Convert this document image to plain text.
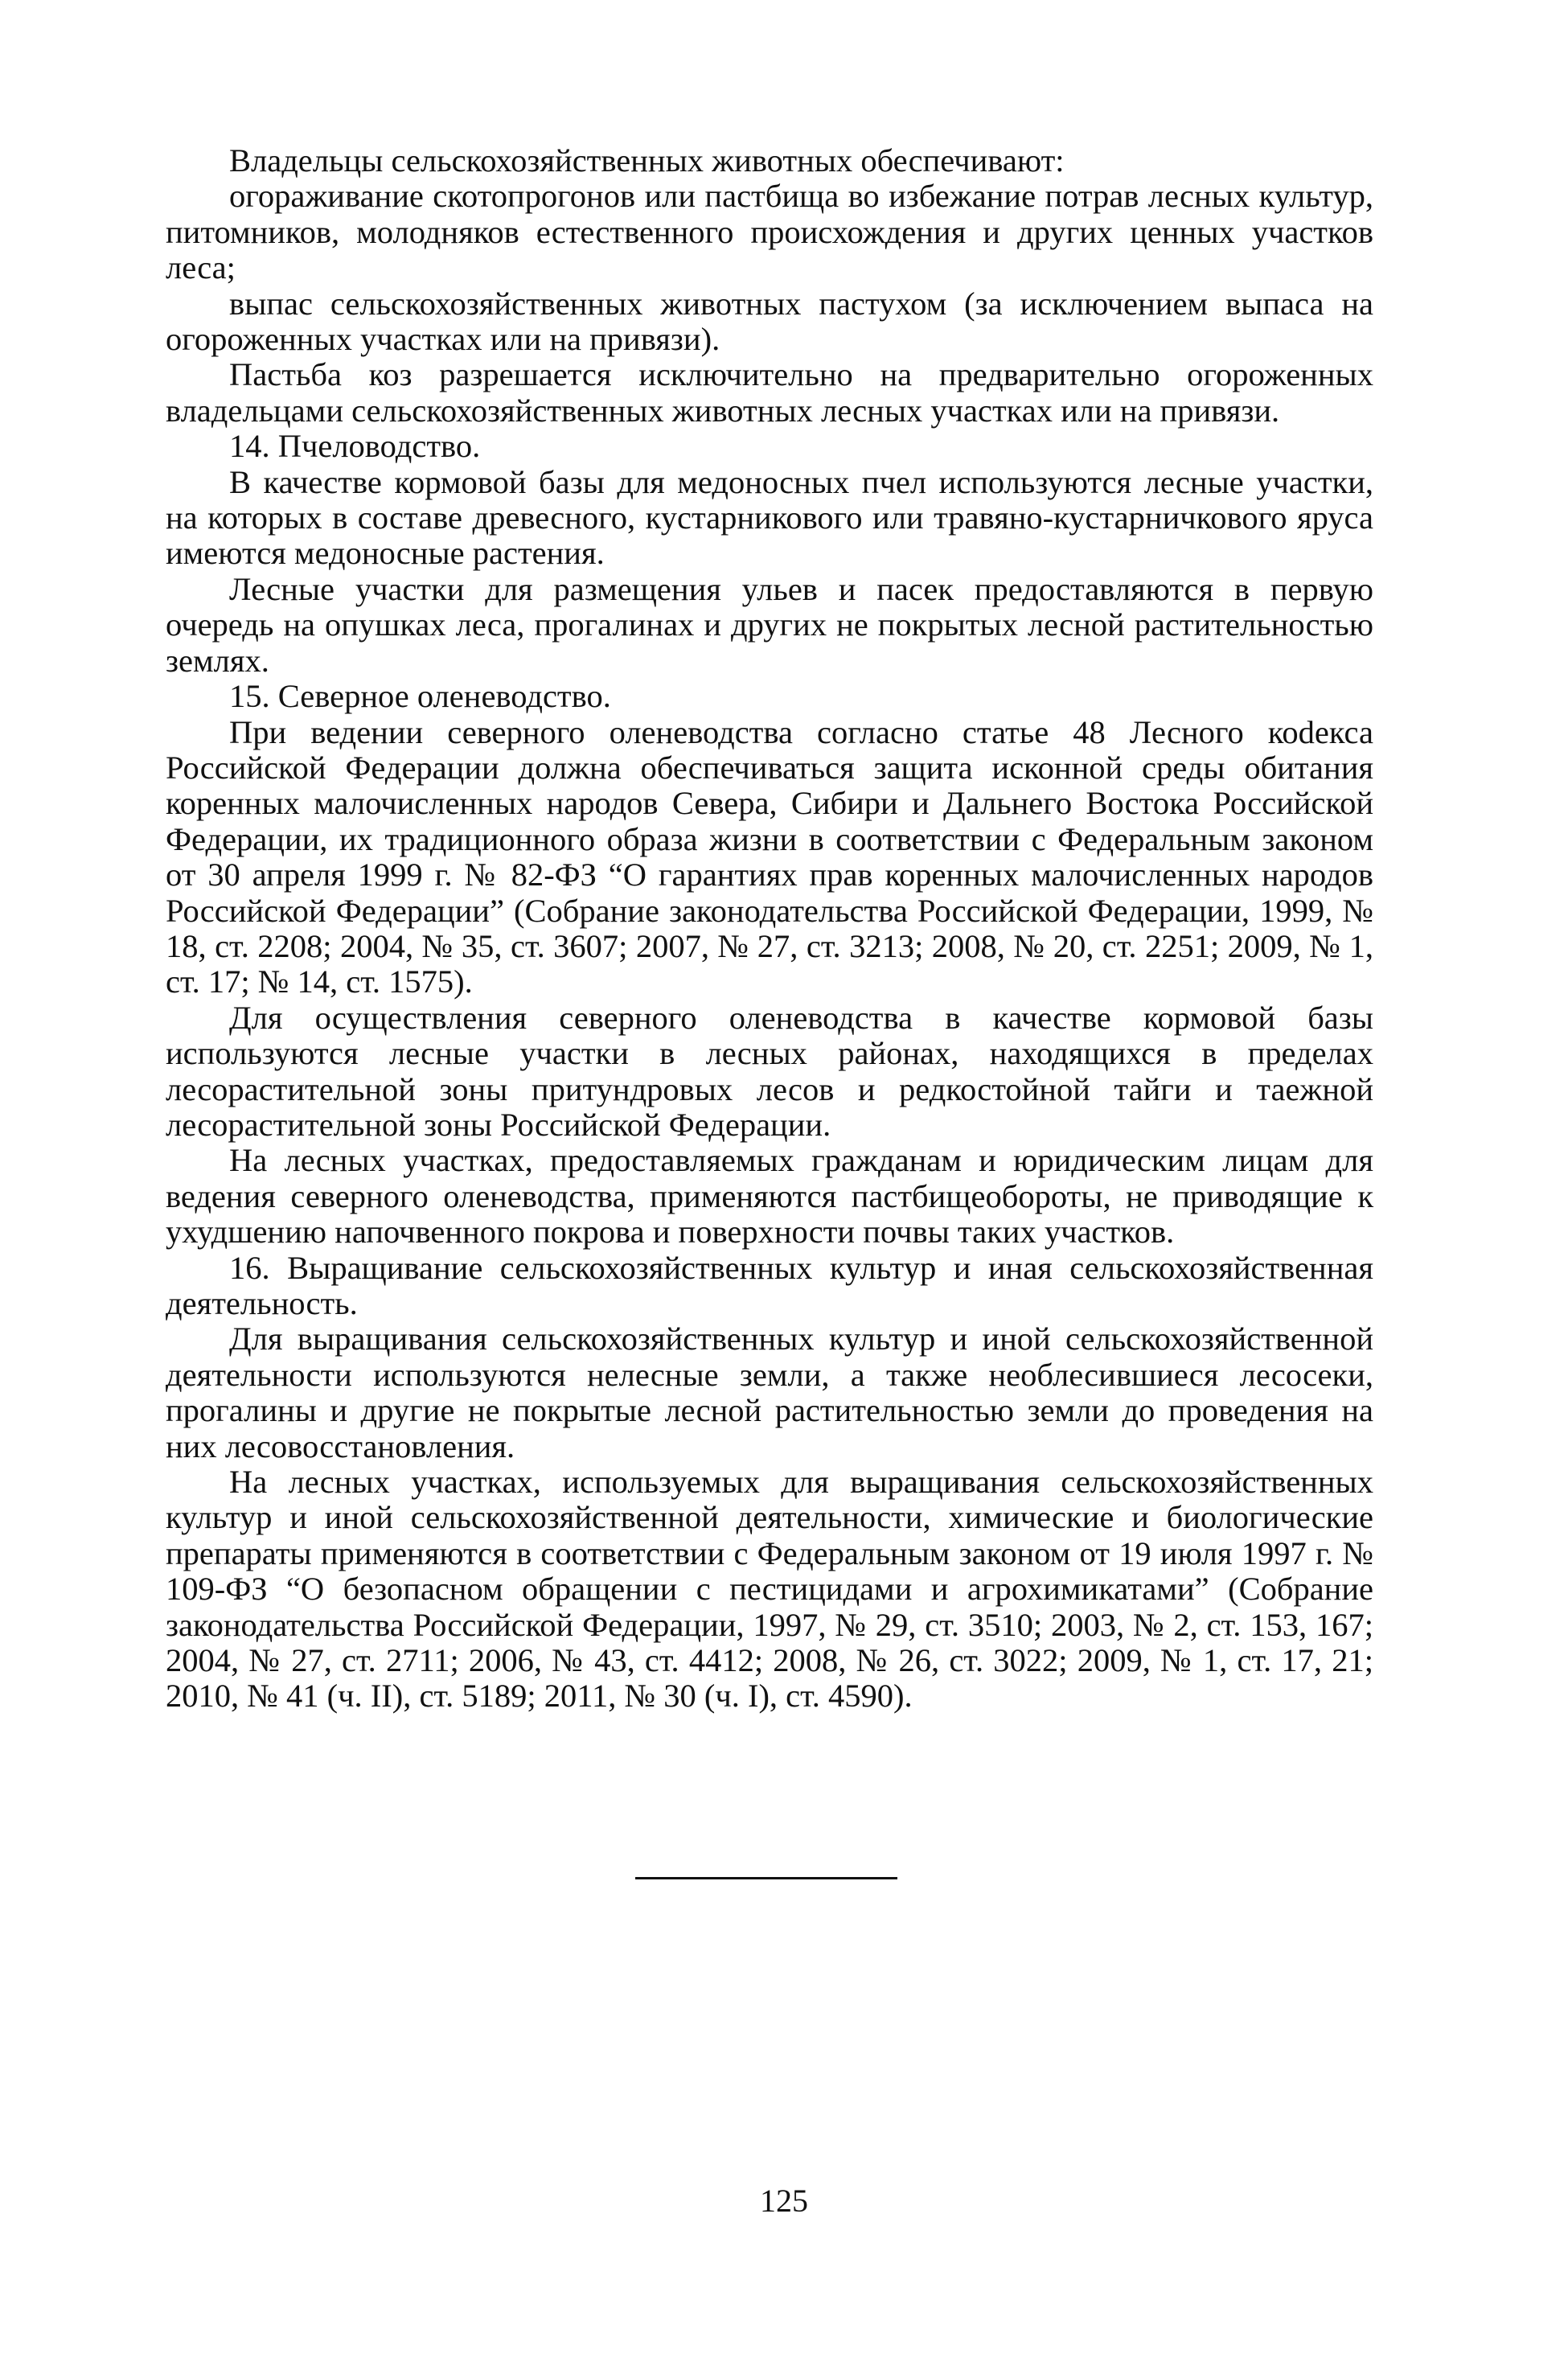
Владельцы сельскохозяйственных животных обеспечивают:

огораживание скотопрогонов или пастбища во избежание потрав лесных культур, питомников, молодняков естественного происхождения и других ценных участков леса;

выпас сельскохозяйственных животных пастухом (за исключением выпаса на огороженных участках или на привязи).

Пастьба коз разрешается исключительно на предварительно огороженных владельцами сельскохозяйственных животных лесных участках или на привязи.

14. Пчеловодство.

В качестве кормовой базы для медоносных пчел используются лесные участки, на которых в составе древесного, кустарникового или травяно-кустарничкового яруса имеются медоносные растения.

Лесные участки для размещения ульев и пасек предоставляются в первую очередь на опушках леса, прогалинах и других не покрытых лесной растительностью землях.

15. Северное оленеводство.

При ведении северного оленеводства согласно статье 48 Лесного коdекса Российской Федерации должна обеспечиваться защита исконной среды обитания коренных малочисленных народов Севера, Сибири и Дальнего Востока Российской Федерации, их традиционного образа жизни в соответствии с Федеральным законом от 30 апреля 1999 г. № 82-ФЗ “О гарантиях прав коренных малочисленных народов Российской Федерации” (Собрание законодательства Российской Федерации, 1999, № 18, ст. 2208; 2004, № 35, ст. 3607; 2007, № 27, ст. 3213; 2008, № 20, ст. 2251; 2009, № 1, ст. 17; № 14, ст. 1575).

Для осуществления северного оленеводства в качестве кормовой базы используются лесные участки в лесных районах, находящихся в пределах лесорастительной зоны притундровых лесов и редкостойной тайги и таежной лесорастительной зоны Российской Федерации.

На лесных участках, предоставляемых гражданам и юридическим лицам для ведения северного оленеводства, применяются пастбищеобороты, не приводящие к ухудшению напочвенного покрова и поверхности почвы таких участков.

16. Выращивание сельскохозяйственных культур и иная сельскохозяйственная деятельность.

Для выращивания сельскохозяйственных культур и иной сельскохозяйственной деятельности используются нелесные земли, а также необлесившиеся лесосеки, прогалины и другие не покрытые лесной растительностью земли до проведения на них лесовосстановления.

На лесных участках, используемых для выращивания сельскохозяйственных культур и иной сельскохозяйственной деятельности, химические и биологические препараты применяются в соответствии с Федеральным законом от 19 июля 1997 г. № 109-ФЗ “О безопасном обращении с пестицидами и агрохимикатами” (Собрание законодательства Российской Федерации, 1997, № 29, ст. 3510; 2003, № 2, ст. 153, 167; 2004, № 27, ст. 2711; 2006, № 43, ст. 4412; 2008, № 26, ст. 3022; 2009, № 1, ст. 17, 21; 2010, № 41 (ч. II), ст. 5189; 2011, № 30 (ч. I), ст. 4590).

125
